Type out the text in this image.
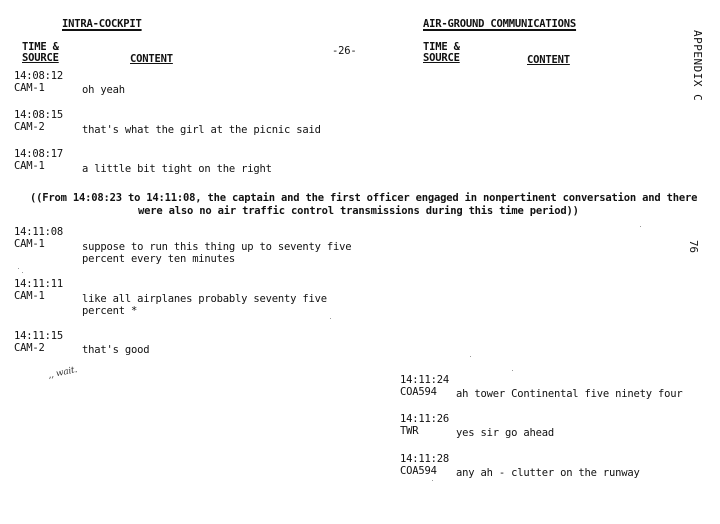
INTRA-COCKPIT	AIR-GROUND COMMUNICATIONS
TIME &
SOURCE	CONTENT
-26-	TIME &
SOURCE	CONTENT	APPENDIX C
76
14:08:12
CAM-1	oh yeah
14:08:15
CAM-2	that's what the girl at the picnic said
14:08:17
CAM-1	a little bit tight on the right
((From 14:08:23 to 14:11:08, the captain and the first officer engaged in nonpertinent conversation and there
were also no air traffic control transmissions during this time period))
14:11:08
CAM-1	suppose to run this thing up to seventy five
percent every ten minutes
14:11:11
CAM-1	like all airplanes probably seventy five
percent *
14:11:15
CAM-2	that's good
,, wait.	14:11:24
COA594 ah tower Continental five ninety four
14:11:26
TWR	yes sir go ahead
14:11:28
COA594 any ah - clutter on the runway
